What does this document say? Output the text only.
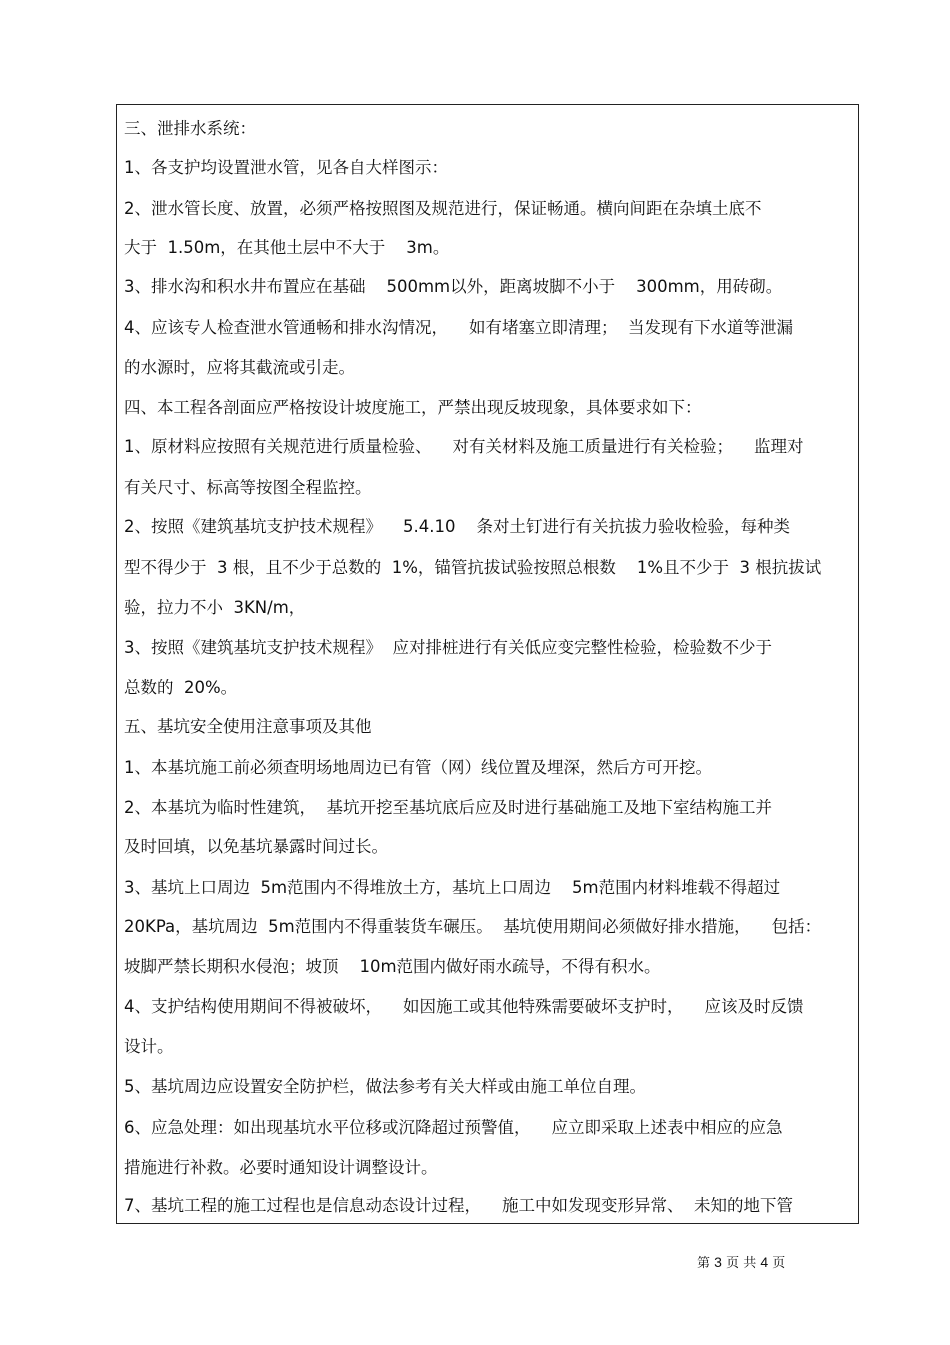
三、泄排水系统：
1、各支护均设置泄水管，见各自大样图示：
2、泄水管长度、放置，必须严格按照图及规范进行，保证畅通。横向间距在杂填土底不
大于  1.50m，在其他土层中不大于    3m。
3、排水沟和积水井布置应在基础    500mm以外，距离坡脚不小于    300mm，用砖砌。
4、应该专人检查泄水管通畅和排水沟情况，    如有堵塞立即清理；  当发现有下水道等泄漏
的水源时，应将其截流或引走。
四、本工程各剖面应严格按设计坡度施工，严禁出现反坡现象，具体要求如下：
1、原材料应按照有关规范进行质量检验、    对有关材料及施工质量进行有关检验；    监理对
有关尺寸、标高等按图全程监控。
2、按照《建筑基坑支护技术规程》    5.4.10    条对土钉进行有关抗拔力验收检验，每种类
型不得少于  3 根，且不少于总数的  1%，锚管抗拔试验按照总根数    1%且不少于  3 根抗拔试
验，拉力不小  3KN/m，
3、按照《建筑基坑支护技术规程》  应对排桩进行有关低应变完整性检验，检验数不少于
总数的  20%。
五、基坑安全使用注意事项及其他
1、本基坑施工前必须查明场地周边已有管（网）线位置及埋深，然后方可开挖。
2、本基坑为临时性建筑，  基坑开挖至基坑底后应及时进行基础施工及地下室结构施工并
及时回填，以免基坑暴露时间过长。
3、基坑上口周边  5m范围内不得堆放土方，基坑上口周边    5m范围内材料堆载不得超过
20KPa，基坑周边  5m范围内不得重装货车碾压。  基坑使用期间必须做好排水措施，    包括：
坡脚严禁长期积水侵泡；坡顶    10m范围内做好雨水疏导，不得有积水。
4、支护结构使用期间不得被破坏，    如因施工或其他特殊需要破坏支护时，    应该及时反馈
设计。
5、基坑周边应设置安全防护栏，做法参考有关大样或由施工单位自理。
6、应急处理：如出现基坑水平位移或沉降超过预警值，    应立即采取上述表中相应的应急
措施进行补救。必要时通知设计调整设计。
7、基坑工程的施工过程也是信息动态设计过程，    施工中如发现变形异常、  未知的地下管
第 3 页 共 4 页
